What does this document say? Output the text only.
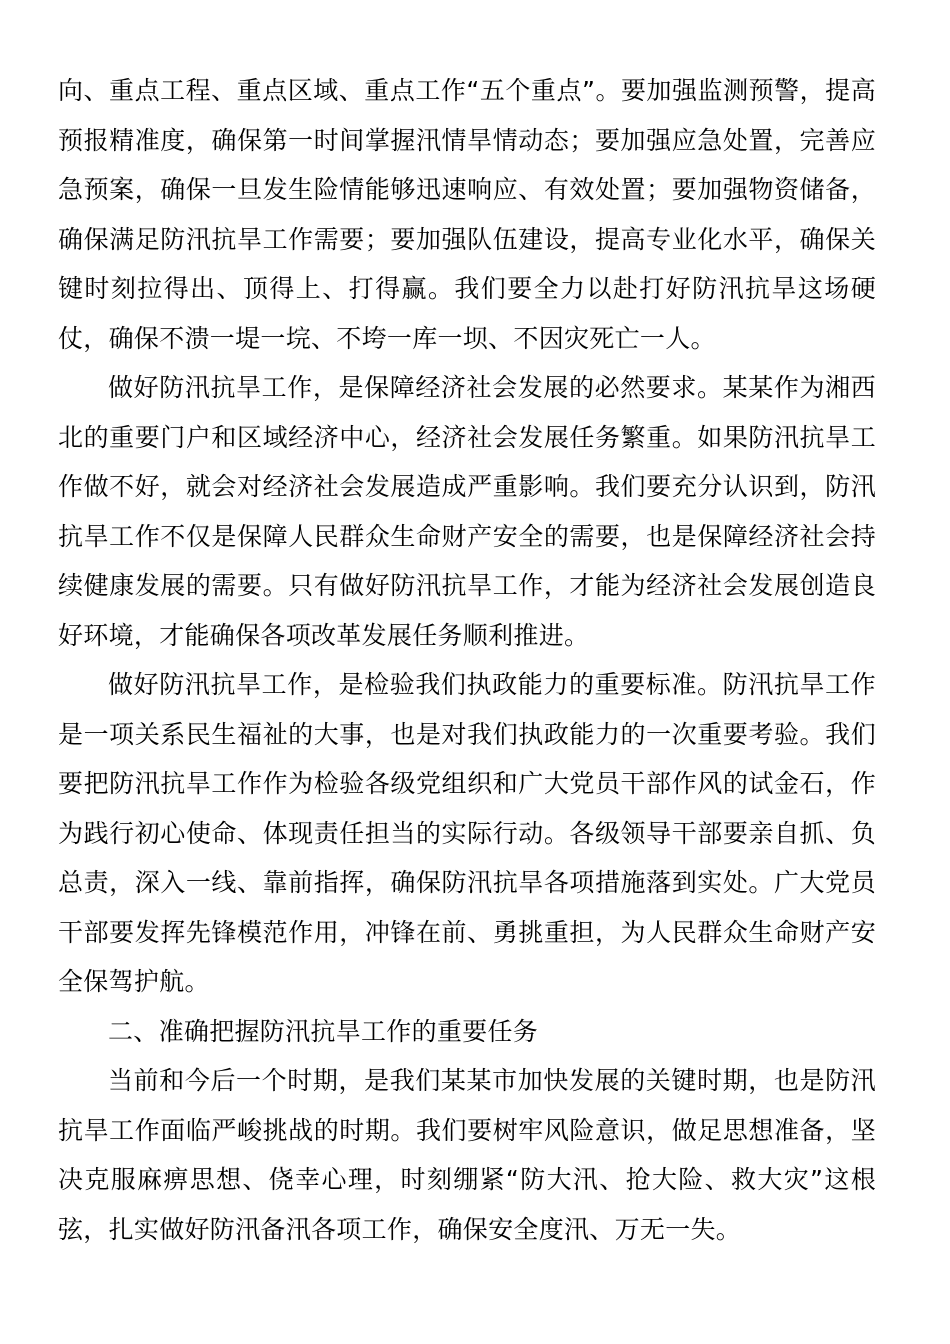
向、重点工程、重点区域、重点工作“五个重点”。要加强监测预警，提高预报精准度，确保第一时间掌握汛情旱情动态；要加强应急处置，完善应急预案，确保一旦发生险情能够迅速响应、有效处置；要加强物资储备，确保满足防汛抗旱工作需要；要加强队伍建设，提高专业化水平，确保关键时刻拉得出、顶得上、打得赢。我们要全力以赴打好防汛抗旱这场硬仗，确保不溃一堤一垸、不垮一库一坝、不因灾死亡一人。

做好防汛抗旱工作，是保障经济社会发展的必然要求。某某作为湘西北的重要门户和区域经济中心，经济社会发展任务繁重。如果防汛抗旱工作做不好，就会对经济社会发展造成严重影响。我们要充分认识到，防汛抗旱工作不仅是保障人民群众生命财产安全的需要，也是保障经济社会持续健康发展的需要。只有做好防汛抗旱工作，才能为经济社会发展创造良好环境，才能确保各项改革发展任务顺利推进。

做好防汛抗旱工作，是检验我们执政能力的重要标准。防汛抗旱工作是一项关系民生福祉的大事，也是对我们执政能力的一次重要考验。我们要把防汛抗旱工作作为检验各级党组织和广大党员干部作风的试金石，作为践行初心使命、体现责任担当的实际行动。各级领导干部要亲自抓、负总责，深入一线、靠前指挥，确保防汛抗旱各项措施落到实处。广大党员干部要发挥先锋模范作用，冲锋在前、勇挑重担，为人民群众生命财产安全保驾护航。

二、准确把握防汛抗旱工作的重要任务

当前和今后一个时期，是我们某某市加快发展的关键时期，也是防汛抗旱工作面临严峻挑战的时期。我们要树牢风险意识，做足思想准备，坚决克服麻痹思想、侥幸心理，时刻绷紧“防大汛、抢大险、救大灾”这根弦，扎实做好防汛备汛各项工作，确保安全度汛、万无一失。
